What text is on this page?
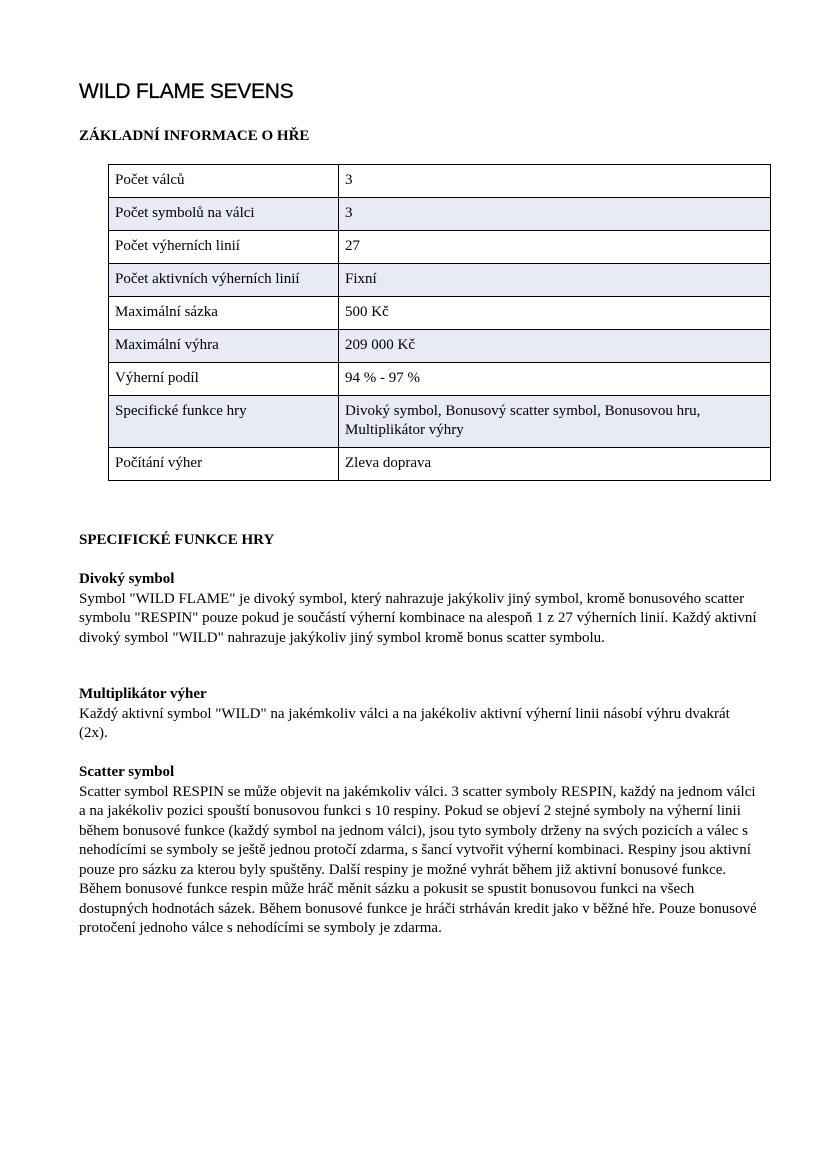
WILD FLAME SEVENS
ZÁKLADNÍ INFORMACE O HŘE
Počet válců	3
Počet symbolů na válci	3
Počet výherních linií	27
Počet aktivních výherních linií	Fixní
Maximální sázka	500 Kč
Maximální výhra	209 000 Kč
Výherní podíl	94 % - 97 %
Specifické funkce hry	Divoký symbol, Bonusový scatter symbol, Bonusovou hru, Multiplikátor výhry
Počítání výher	Zleva doprava
SPECIFICKÉ FUNKCE HRY

Divoký symbol

Symbol "WILD FLAME" je divoký symbol, který nahrazuje jakýkoliv jiný symbol, kromě bonusového scatter symbolu "RESPIN" pouze pokud je součástí výherní kombinace na alespoň 1 z 27 výherních linií. Každý aktivní divoký symbol "WILD" nahrazuje jakýkoliv jiný symbol kromě bonus scatter symbolu.

Multiplikátor výher

Každý aktivní symbol "WILD" na jakémkoliv válci a na jakékoliv aktivní výherní linii násobí výhru dvakrát (2x).

Scatter symbol

Scatter symbol RESPIN se může objevit na jakémkoliv válci. 3 scatter symboly RESPIN, každý na jednom válci a na jakékoliv pozici spouští bonusovou funkci s 10 respiny. Pokud se objeví 2 stejné symboly na výherní linii během bonusové funkce (každý symbol na jednom válci), jsou tyto symboly drženy na svých pozicích a válec s nehodícími se symboly se ještě jednou protočí zdarma, s šancí vytvořit výherní kombinaci. Respiny jsou aktivní pouze pro sázku za kterou byly spuštěny. Další respiny je možné vyhrát během již aktivní bonusové funkce.

Během bonusové funkce respin může hráč měnit sázku a pokusit se spustit bonusovou funkci na všech dostupných hodnotách sázek. Během bonusové funkce je hráči strháván kredit jako v běžné hře. Pouze bonusové protočení jednoho válce s nehodícími se symboly je zdarma.
